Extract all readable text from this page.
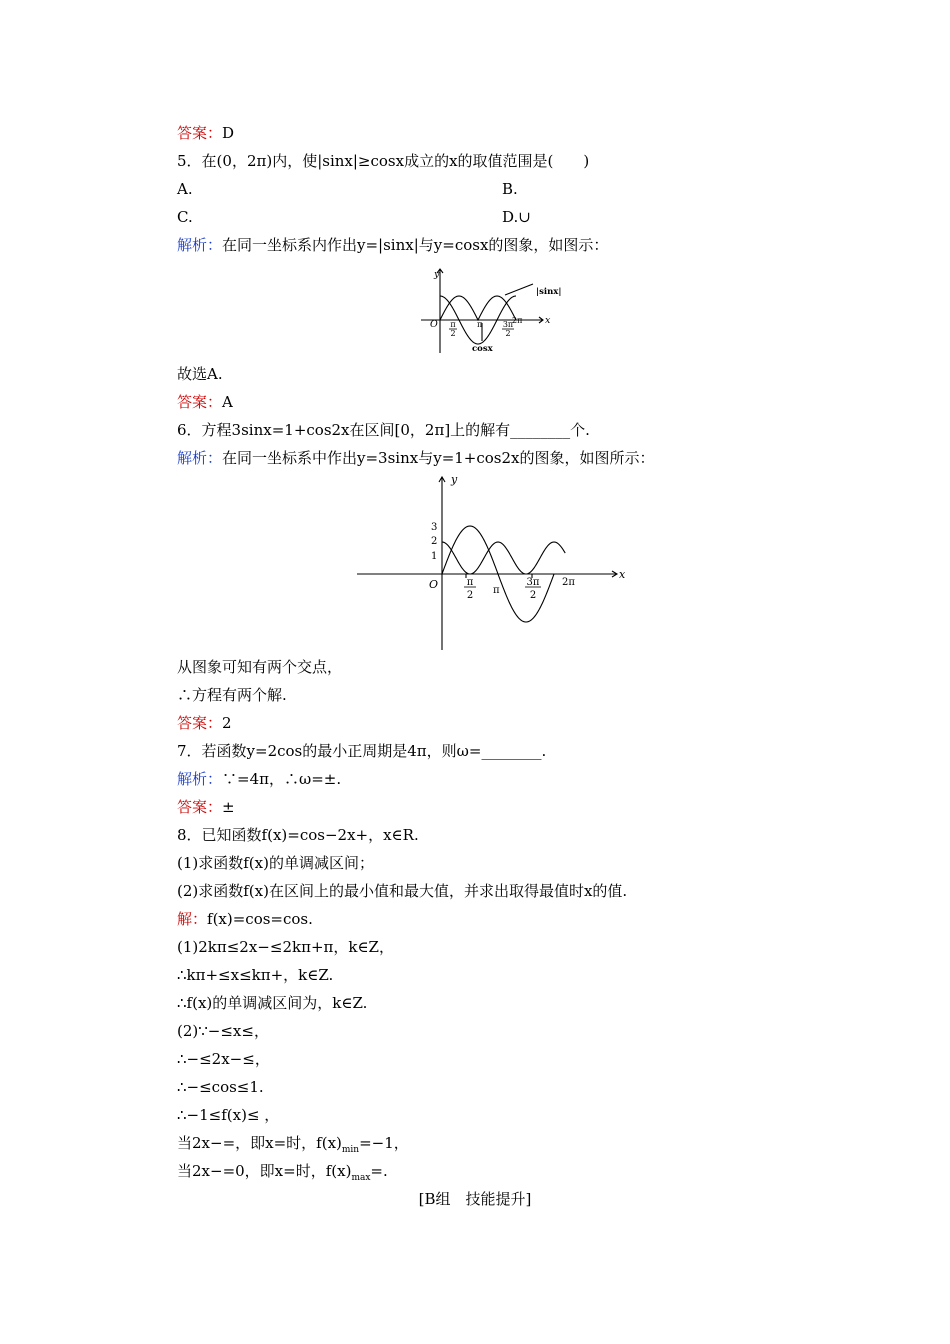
答案：D
5．在(0，2π)内，使|sinx|≥cosx成立的x的取值范围是(　　)
A.	B.
C.	D.∪
解析：在同一坐标系内作出y=|sinx|与y=cosx的图象，如图示：
y
x
O π
2
π	3π
2
2π
|sinx|
cosx
故选A.
答案：A
6．方程3sinx=1+cos2x在区间[0，2π]上的解有________个.
解析：在同一坐标系中作出y=3sinx与y=1+cos2x的图象，如图所示：
y
x
O
3
2
1
π
2 π
3π
2
2π
从图象可知有两个交点，
∴方程有两个解.
答案：2
7．若函数y=2cos的最小正周期是4π，则ω=________.
解析：∵=4π，∴ω=±.
答案：±
8．已知函数f(x)=cos−2x+，x∈R.
(1)求函数f(x)的单调减区间；
(2)求函数f(x)在区间上的最小值和最大值，并求出取得最值时x的值.
解：f(x)=cos=cos.
(1)2kπ≤2x−≤2kπ+π，k∈Z，
∴kπ+≤x≤kπ+，k∈Z.
∴f(x)的单调减区间为，k∈Z.
(2)∵−≤x≤，
∴−≤2x−≤，
∴−≤cos≤1.
∴−1≤f(x)≤ ，
当2x−=，即x=时，$f(x)_{min}=-1$，
当2x−=0，即x=时，$f(x)_{max}=$.
[B组　技能提升]
